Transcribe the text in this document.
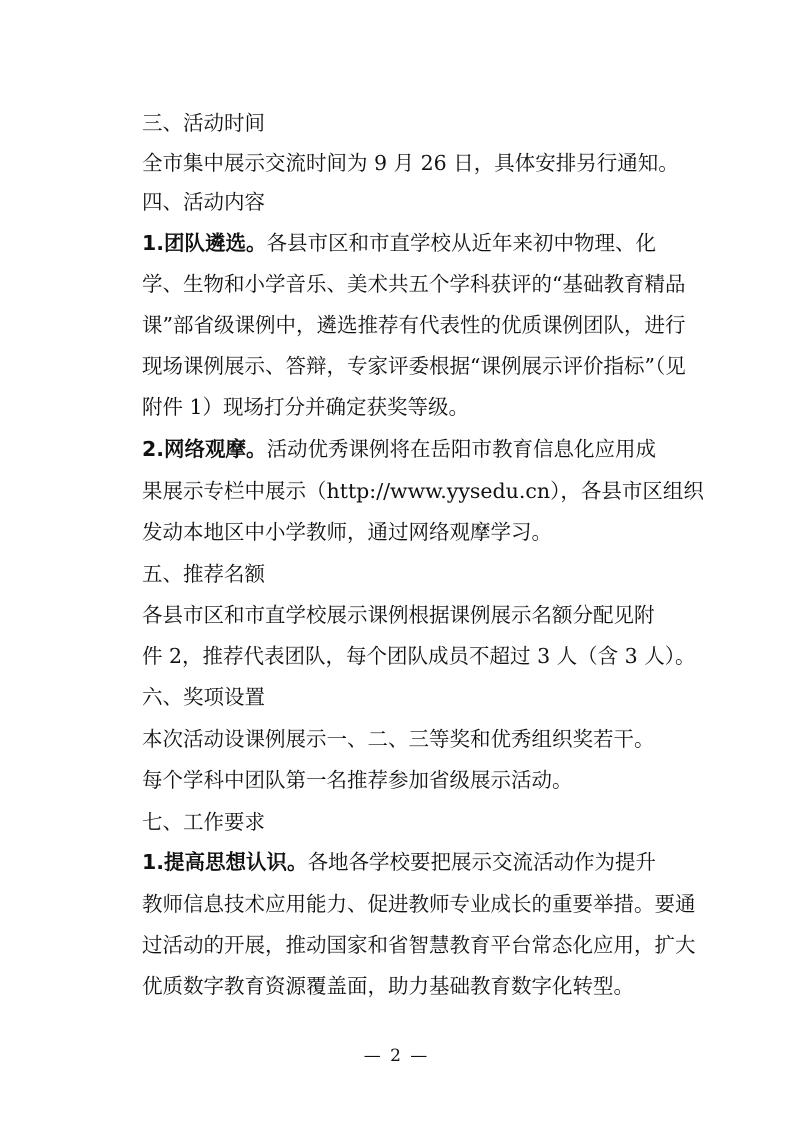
三、活动时间
全市集中展示交流时间为 9 月 26 日，具体安排另行通知。
四、活动内容
1.团队遴选。各县市区和市直学校从近年来初中物理、化
学、生物和小学音乐、美术共五个学科获评的“基础教育精品
课”部省级课例中，遴选推荐有代表性的优质课例团队，进行
现场课例展示、答辩，专家评委根据“课例展示评价指标”（见
附件 1）现场打分并确定获奖等级。
2.网络观摩。活动优秀课例将在岳阳市教育信息化应用成
果展示专栏中展示（http://www.yysedu.cn），各县市区组织
发动本地区中小学教师，通过网络观摩学习。
五、推荐名额
各县市区和市直学校展示课例根据课例展示名额分配见附
件 2，推荐代表团队，每个团队成员不超过 3 人（含 3 人）。
六、奖项设置
本次活动设课例展示一、二、三等奖和优秀组织奖若干。
每个学科中团队第一名推荐参加省级展示活动。
七、工作要求
1.提高思想认识。各地各学校要把展示交流活动作为提升
教师信息技术应用能力、促进教师专业成长的重要举措。要通
过活动的开展，推动国家和省智慧教育平台常态化应用，扩大
优质数字教育资源覆盖面，助力基础教育数字化转型。
— 2 —
